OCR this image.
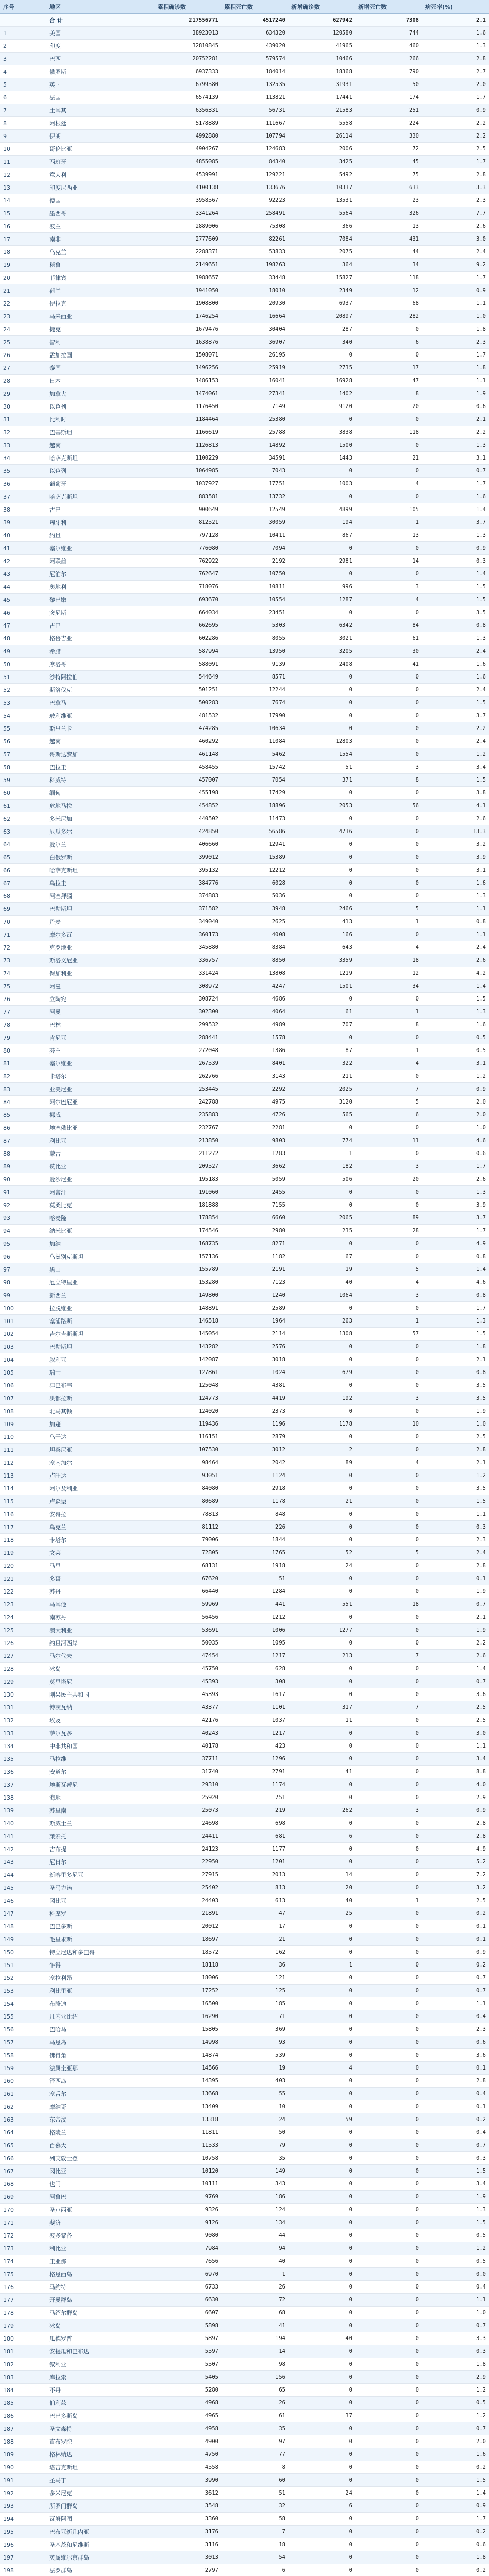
序号	地区	累积确诊数	累积死亡数	新增确诊数	新增死亡数	病死率(%)
	合 计	217556771	4517240	627942	7308	2.1
1	美国	38923013	634320	120580	744	1.6
2	印度	32810845	439020	41965	460	1.3
3	巴西	20752281	579574	10466	266	2.8
4	俄罗斯	6937333	184014	18368	790	2.7
5	英国	6799580	132535	31931	50	2.0
6	法国	6574139	113821	17441	174	1.7
7	土耳其	6356331	56731	21583	251	0.9
8	阿根廷	5178889	111667	5558	224	2.2
9	伊朗	4992880	107794	26114	330	2.2
10	哥伦比亚	4904267	124683	2006	72	2.5
11	西班牙	4855085	84340	3425	45	1.7
12	意大利	4539991	129221	5492	75	2.8
13	印度尼西亚	4100138	133676	10337	633	3.3
14	德国	3958567	92223	13531	23	2.3
15	墨西哥	3341264	258491	5564	326	7.7
16	波兰	2889006	75308	366	13	2.6
17	南非	2777609	82261	7084	431	3.0
18	乌克兰	2288371	53833	2075	44	2.4
19	秘鲁	2149651	198263	364	34	9.2
20	菲律宾	1988657	33448	15827	118	1.7
21	荷兰	1941050	18010	2349	12	0.9
22	伊拉克	1908800	20930	6937	68	1.1
23	马来西亚	1746254	16664	20897	282	1.0
24	捷克	1679476	30404	287	0	1.8
25	智利	1638876	36907	340	6	2.3
26	孟加拉国	1508071	26195	0	0	1.7
27	泰国	1496256	25919	2735	17	1.8
28	日本	1486153	16041	16928	47	1.1
29	加拿大	1474061	27341	1402	8	1.9
30	以色列	1176450	7149	9120	20	0.6
31	比利时	1184464	25380	0	0	2.1
32	巴基斯坦	1166619	25788	3838	118	2.2
33	越南	1126813	14892	1500	0	1.3
34	哈萨克斯坦	1100229	34591	1443	21	3.1
35	以色列	1064985	7043	0	0	0.7
36	葡萄牙	1037927	17751	1003	4	1.7
37	哈萨克斯坦	883581	13732	0	0	1.6
38	古巴	900649	12549	4899	105	1.4
39	匈牙利	812521	30059	194	1	3.7
40	约旦	797128	10411	867	13	1.3
41	塞尔维亚	776080	7094	0	0	0.9
42	阿联酋	762922	2192	2981	14	0.3
43	尼泊尔	762647	10750	0	0	1.4
44	奥地利	718076	10811	996	3	1.5
45	黎巴嫩	693670	10554	1287	4	1.5
46	突尼斯	664034	23451	0	0	3.5
47	古巴	662695	5303	6342	84	0.8
48	格鲁吉亚	602286	8055	3021	61	1.3
49	希腊	587994	13950	3205	30	2.4
50	摩洛哥	588091	9139	2408	41	1.6
51	沙特阿拉伯	544649	8571	0	0	1.6
52	斯洛伐克	501251	12244	0	0	2.4
53	巴拿马	500283	7674	0	0	1.5
54	玻利维亚	481532	17990	0	0	3.7
55	斯里兰卡	474285	10634	0	0	2.2
56	越南	460292	11084	12803	0	2.4
57	哥斯达黎加	461148	5462	1554	0	1.2
58	巴拉圭	458455	15742	51	3	3.4
59	科威特	457007	7054	371	8	1.5
60	缅甸	455198	17429	0	0	3.8
61	危地马拉	454852	18896	2053	56	4.1
62	多米尼加	440502	11473	0	0	2.6
63	厄瓜多尔	424850	56586	4736	0	13.3
64	爱尔兰	406660	12941	0	0	3.2
65	白俄罗斯	399012	15389	0	0	3.9
66	哈萨克斯坦	395132	12212	0	0	3.1
67	乌拉圭	384776	6028	0	0	1.6
68	阿塞拜疆	374883	5036	0	0	1.3
69	巴勒斯坦	371582	3948	2466	5	1.1
70	丹麦	349040	2625	413	1	0.8
71	摩尔多瓦	360173	4008	166	0	1.1
72	克罗地亚	345880	8384	643	4	2.4
73	斯洛文尼亚	336757	8850	3359	18	2.6
74	保加利亚	331424	13808	1219	12	4.2
75	阿曼	308972	4247	1501	34	1.4
76	立陶宛	308724	4686	0	0	1.5
77	阿曼	302300	4064	61	1	1.3
78	巴林	299532	4989	707	8	1.6
79	肯尼亚	288441	1578	0	0	0.5
80	芬兰	272048	1386	87	1	0.5
81	塞尔维亚	267539	8401	322	4	3.1
82	卡塔尔	262766	3143	211	0	1.2
83	亚美尼亚	253445	2292	2025	7	0.9
84	阿尔巴尼亚	242788	4975	3120	5	2.0
85	挪威	235883	4726	565	6	2.0
86	埃塞俄比亚	232767	2281	0	0	1.0
87	利比亚	213850	9803	774	11	4.6
88	蒙古	211272	1283	1	0	0.6
89	赞比亚	209527	3662	182	3	1.7
90	爱沙尼亚	195183	5059	506	20	2.6
91	阿富汗	191060	2455	0	0	1.3
92	莫桑比克	181888	7155	0	0	3.9
93	喀麦隆	178854	6660	2065	89	3.7
94	纳米比亚	174546	2980	235	28	1.7
95	加纳	168735	8271	0	0	4.9
96	乌兹别克斯坦	157136	1182	67	0	0.8
97	黑山	155789	2191	19	5	1.4
98	厄立特里亚	153280	7123	40	4	4.6
99	新西兰	149800	1240	1064	3	0.8
100	拉脱维亚	148891	2589	0	0	1.7
101	塞浦路斯	146518	1964	263	1	1.3
102	吉尔吉斯斯坦	145054	2114	1308	57	1.5
103	巴勒斯坦	143282	2576	0	0	1.8
104	叙利亚	142087	3018	0	0	2.1
105	瑞士	127861	1024	679	0	0.8
106	津巴布韦	125048	4381	0	0	3.5
107	洪都拉斯	124773	4419	192	3	3.5
108	北马其顿	124020	2373	0	0	1.9
109	加蓬	119436	1196	1178	10	1.0
110	乌干达	116151	2879	0	0	2.5
111	坦桑尼亚	107530	3012	2	0	2.8
112	塞内加尔	98464	2042	89	4	2.1
113	卢旺达	93051	1124	0	0	1.2
114	阿尔及利亚	84080	2918	0	0	3.5
115	卢森堡	80689	1178	21	0	1.5
116	安哥拉	78813	848	0	0	1.1
117	乌克兰	81112	226	0	0	0.3
118	卡塔尔	79006	1844	0	0	2.3
119	文莱	72805	1765	52	5	2.4
120	马里	68131	1918	24	0	2.8
121	多哥	67620	51	0	0	0.1
122	苏丹	66440	1284	0	0	1.9
123	马耳他	59969	441	551	18	0.7
124	南苏丹	56456	1212	0	0	2.1
125	澳大利亚	53691	1006	1277	0	1.9
126	约旦河西岸	50035	1095	0	0	2.2
127	马尔代夫	47454	1217	213	7	2.6
128	冰岛	45750	628	0	0	1.4
129	莫里塔尼	45393	308	0	0	0.7
130	刚果民主共和国	45393	1617	0	0	3.6
131	博茨瓦纳	43377	1101	317	7	2.5
132	埃及	42176	1037	11	0	2.5
133	萨尔瓦多	40243	1217	0	0	3.0
134	中非共和国	40178	423	0	0	1.1
135	马拉维	37711	1296	0	0	3.4
136	安道尔	31740	2791	41	0	8.8
137	埃斯瓦蒂尼	29310	1174	0	0	4.0
138	海地	25920	751	0	0	2.9
139	苏里南	25073	219	262	3	0.9
140	斯威士兰	24698	698	0	0	2.8
141	莱索托	24411	681	6	0	2.8
142	吉布提	24123	1177	0	0	4.9
143	尼日尔	22950	1201	0	0	5.2
144	新喀里多尼亚	27915	2013	14	0	7.2
145	圣马力诺	25402	813	20	0	3.2
146	冈比亚	24403	613	40	1	2.5
147	科摩罗	21891	47	25	0	0.2
148	巴巴多斯	20012	17	0	0	0.1
149	毛里求斯	18697	21	0	0	0.1
150	特立尼达和多巴哥	18572	162	0	0	0.9
151	乍得	18118	36	1	0	0.2
152	塞拉利昂	18006	121	0	0	0.7
153	利比里亚	17252	125	0	0	0.7
154	布隆迪	16500	185	0	0	1.1
155	几内亚比绍	16290	71	0	0	0.4
156	巴哈马	15805	369	0	0	2.3
157	马恩岛	14998	93	0	0	0.6
158	佛得角	14874	539	0	0	3.6
159	法属圭亚那	14566	19	4	0	0.1
160	泽西岛	14395	403	0	0	2.8
161	塞舌尔	13668	55	0	0	0.4
162	摩纳哥	13409	10	0	0	0.1
163	东帝汶	13318	24	59	0	0.2
164	格陵兰	11811	50	0	0	0.4
165	百慕大	11533	79	0	0	0.7
166	列支敦士登	10758	35	0	0	0.3
167	冈比亚	10120	149	0	0	1.5
168	也门	10111	343	0	0	3.4
169	阿鲁巴	9769	186	0	0	1.9
170	圣卢西亚	9326	124	0	0	1.3
171	斐济	9126	134	0	0	1.5
172	波多黎各	9080	44	0	0	0.5
173	利比亚	7984	94	0	0	1.2
174	圭亚那	7656	40	0	0	0.5
175	格恩西岛	6970	1	0	0	0.0
176	马约特	6733	26	0	0	0.4
177	开曼群岛	6630	72	0	0	1.1
178	马绍尔群岛	6607	68	0	0	1.0
179	冰岛	5898	41	0	0	0.7
180	瓜德罗普	5897	194	40	0	3.3
181	安提瓜和巴布达	5597	14	0	0	0.3
182	叙利亚	5507	98	0	0	1.8
183	库拉索	5405	156	0	0	2.9
184	不丹	5280	65	0	0	1.2
185	伯利兹	4968	26	0	0	0.5
186	巴巴多斯岛	4965	61	37	0	1.2
187	圣文森特	4958	35	0	0	0.7
188	直布罗陀	4900	97	0	0	2.0
189	格林纳达	4750	77	0	0	1.6
190	塔吉克斯坦	4558	8	0	0	0.2
191	圣马丁	3990	60	0	0	1.5
192	多米尼克	3612	51	24	0	1.4
193	所罗门群岛	3548	32	6	0	0.9
194	瓦努阿图	3360	58	0	0	1.7
195	巴布亚新几内亚	3176	7	0	0	0.2
196	圣基茨和尼维斯	3116	18	0	0	0.6
197	英属维尔京群岛	3013	54	0	0	1.8
198	法罗群岛	2797	6	0	0	0.2
